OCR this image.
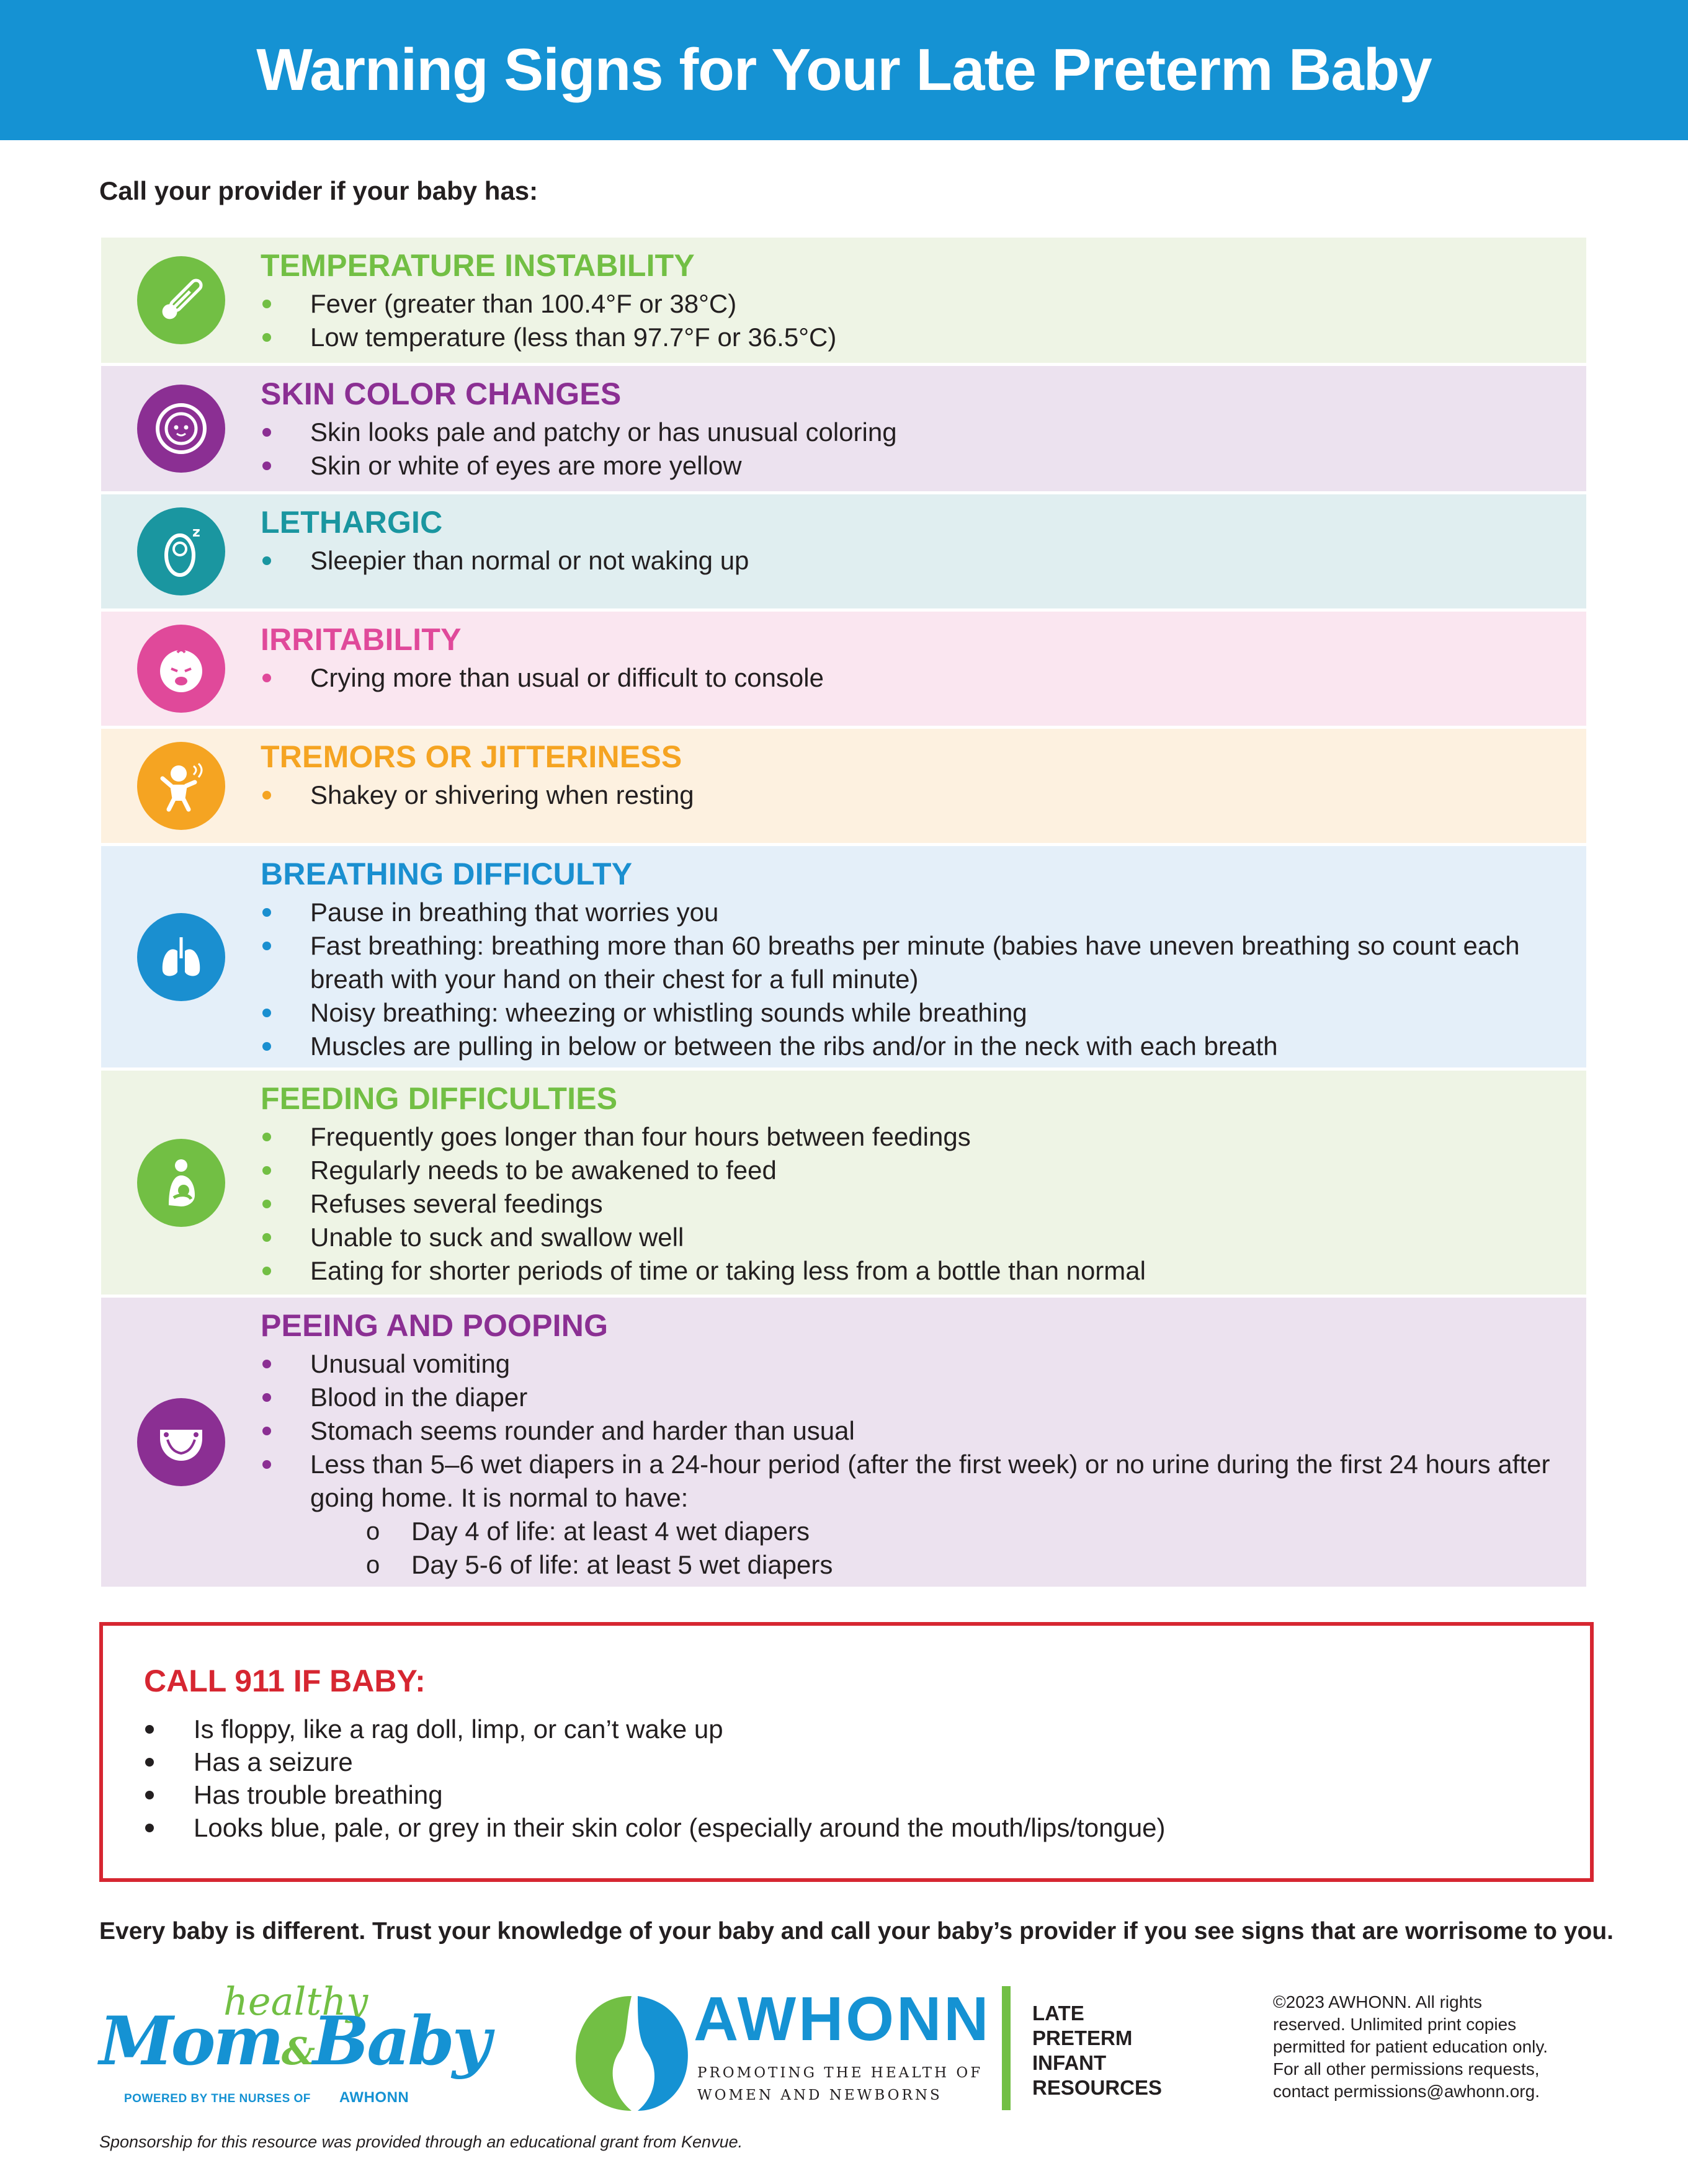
Warning Signs for Your Late Preterm Baby
Call your provider if your baby has:
TEMPERATURE INSTABILITY
Fever (greater than 100.4°F or 38°C)
Low temperature (less than 97.7°F or 36.5°C)
SKIN COLOR CHANGES
Skin looks pale and patchy or has unusual coloring
Skin or white of eyes are more yellow
z LETHARGIC
Sleepier than normal or not waking up
IRRITABILITY
Crying more than usual or difficult to console
TREMORS OR JITTERINESS
Shakey or shivering when resting
BREATHING DIFFICULTY
Pause in breathing that worries you
Fast breathing: breathing more than 60 breaths per minute (babies have uneven breathing so count each breath with your hand on their chest for a full minute)
Noisy breathing: wheezing or whistling sounds while breathing
Muscles are pulling in below or between the ribs and/or in the neck with each breath
FEEDING DIFFICULTIES
Frequently goes longer than four hours between feedings
Regularly needs to be awakened to feed
Refuses several feedings
Unable to suck and swallow well
Eating for shorter periods of time or taking less from a bottle than normal
PEEING AND POOPING
Unusual vomiting
Blood in the diaper
Stomach seems rounder and harder than usual
Less than 5–6 wet diapers in a 24-hour period (after the first week) or no urine during the first 24 hours after going home. It is normal to have:
o Day 4 of life: at least 4 wet diapers
o Day 5-6 of life: at least 5 wet diapers
CALL 911 IF BABY:
Is floppy, like a rag doll, limp, or can’t wake up
Has a seizure
Has trouble breathing
Looks blue, pale, or grey in their skin color (especially around the mouth/lips/tongue)
Every baby is different. Trust your knowledge of your baby and call your baby’s provider if you see signs that are worrisome to you.
healthy
Mom&Baby
POWERED BY THE NURSES OF AWHONN
AWHONN
PROMOTING THE HEALTH OF
WOMEN AND NEWBORNS
LATE
PRETERM
INFANT
RESOURCES
©2023 AWHONN. All rights
reserved. Unlimited print copies
permitted for patient education only.
For all other permissions requests,
contact permissions@awhonn.org.
Sponsorship for this resource was provided through an educational grant from Kenvue.
